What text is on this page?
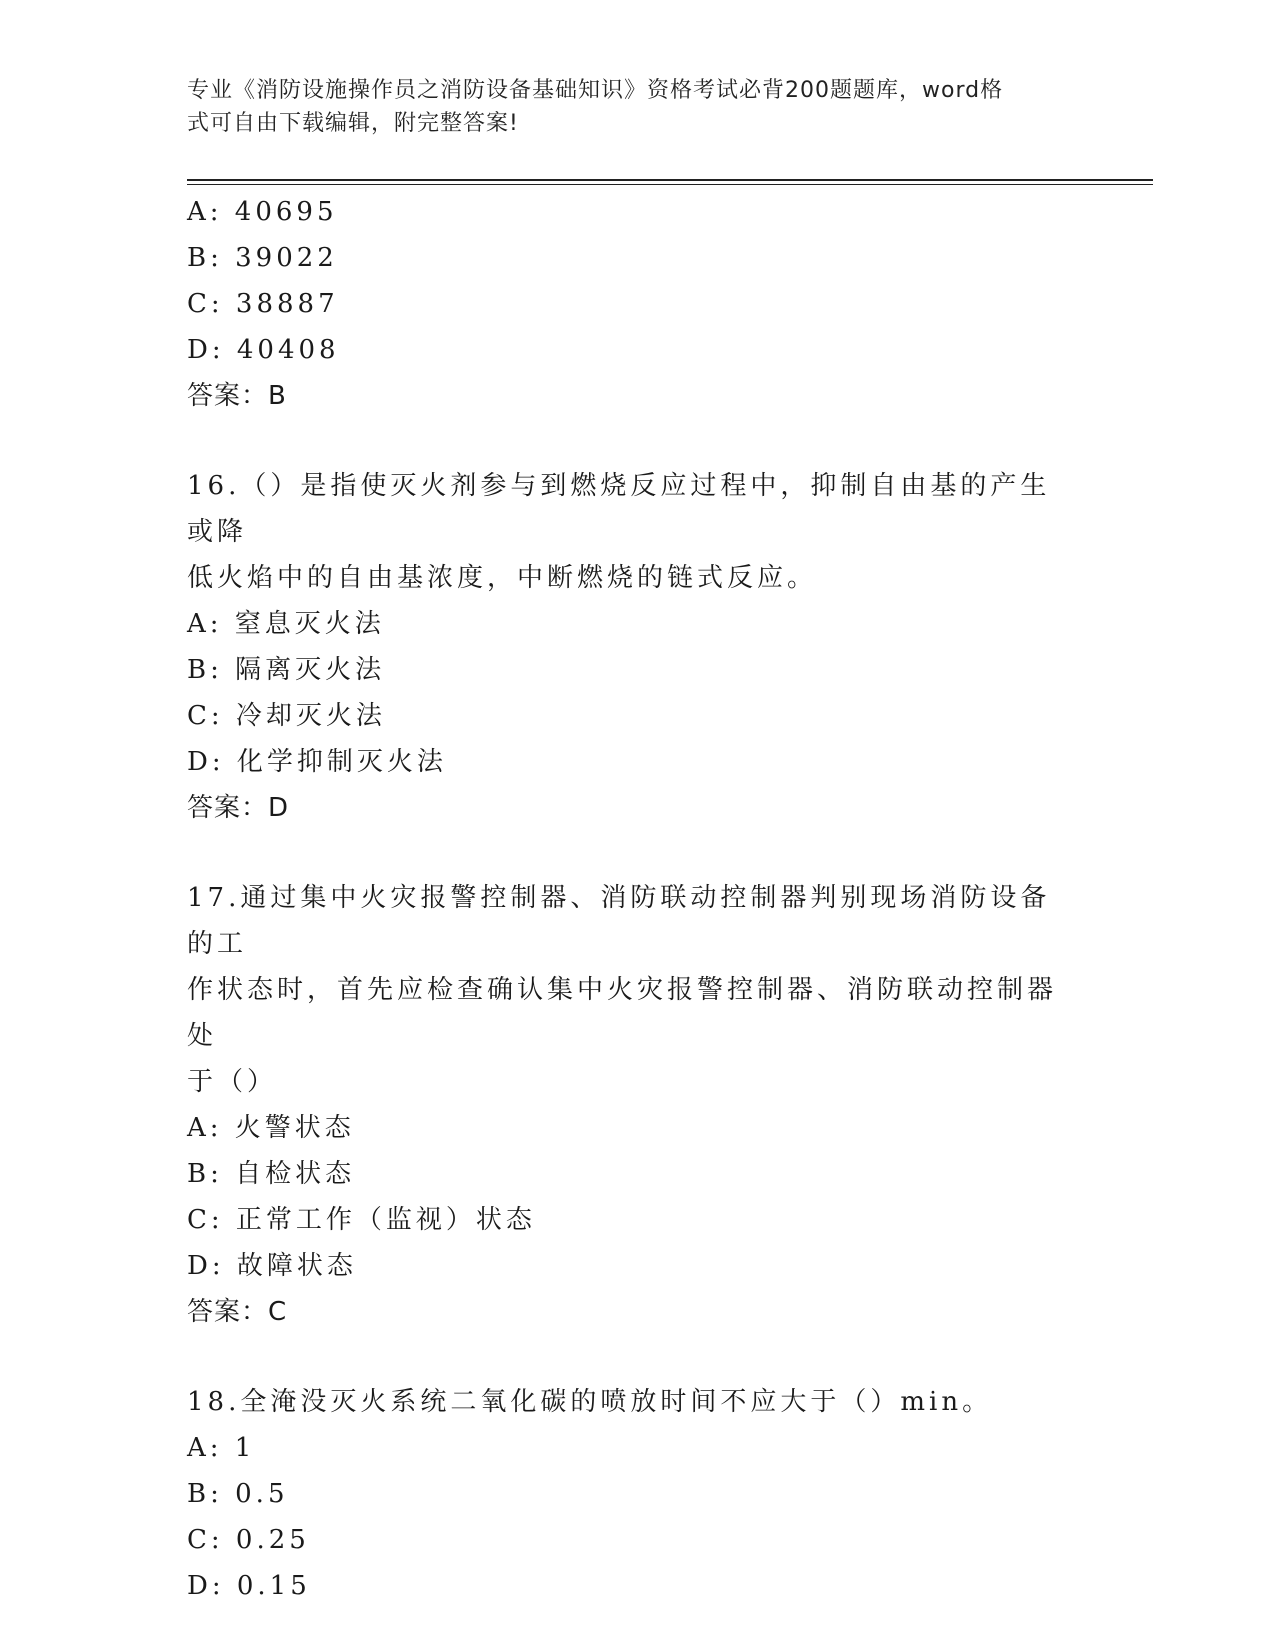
专业《消防设施操作员之消防设备基础知识》资格考试必背200题题库，word格
式可自由下载编辑，附完整答案!
A: 40695
B: 39022
C: 38887
D: 40408
答案：B
16.（）是指使灭火剂参与到燃烧反应过程中，抑制自由基的产生或降
低火焰中的自由基浓度，中断燃烧的链式反应。
A: 窒息灭火法
B: 隔离灭火法
C: 冷却灭火法
D: 化学抑制灭火法
答案：D
17.通过集中火灾报警控制器、消防联动控制器判别现场消防设备的工
作状态时，首先应检查确认集中火灾报警控制器、消防联动控制器处
于（）
A: 火警状态
B: 自检状态
C: 正常工作（监视）状态
D: 故障状态
答案：C
18.全淹没灭火系统二氧化碳的喷放时间不应大于（）min。
A: 1
B: 0.5
C: 0.25
D: 0.15
